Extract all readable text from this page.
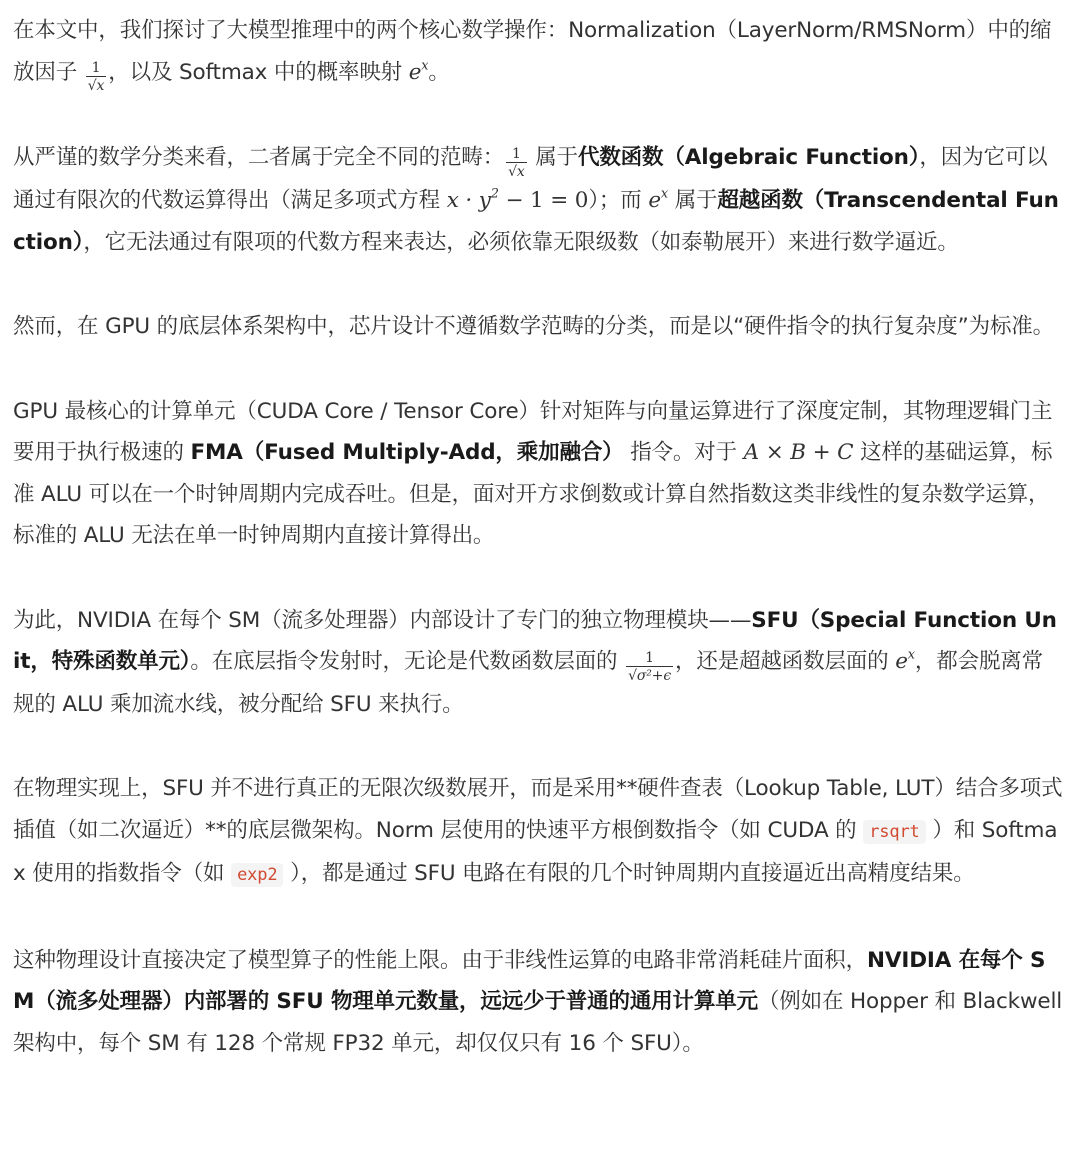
在本文中，我们探讨了大模型推理中的两个核心数学操作：Normalization（LayerNorm/RMSNorm）中的缩放因子 $\frac{1}{√x}$ ，以及 Softmax 中的概率映射 $e^x$。

从严谨的数学分类来看，二者属于完全不同的范畴： $\frac{1}{√x}$ 属于代数函数（Algebraic Function），因为它可以通过有限次的代数运算得出（满足多项式方程 $x \cdot y^2 - 1 = 0$）；而 $e^x$ 属于超越函数（Transcendental Function），它无法通过有限项的代数方程来表达，必须依靠无限级数（如泰勒展开）来进行数学逼近。

然而，在 GPU 的底层体系架构中，芯片设计不遵循数学范畴的分类，而是以“硬件指令的执行复杂度”为标准。

GPU 最核心的计算单元（CUDA Core / Tensor Core）针对矩阵与向量运算进行了深度定制，其物理逻辑门主要用于执行极速的 FMA（Fused Multiply-Add，乘加融合） 指令。对于 A × B + C 这样的基础运算，标准 ALU 可以在一个时钟周期内完成吞吐。但是，面对开方求倒数或计算自然指数这类非线性的复杂数学运算，标准的 ALU 无法在单一时钟周期内直接计算得出。

为此，NVIDIA 在每个 SM（流多处理器）内部设计了专门的独立物理模块——SFU（Special Function Unit，特殊函数单元）。在底层指令发射时，无论是代数函数层面的 $\frac{1}{\text{√σ²+ϵ}}$ ，还是超越函数层面的 $e^x$，都会脱离常规的 ALU 乘加流水线，被分配给 SFU 来执行。

在物理实现上，SFU 并不进行真正的无限次级数展开，而是采用**硬件查表（Lookup Table, LUT）结合多项式插值（如二次逼近）**的底层微架构。Norm 层使用的快速平方根倒数指令（如 CUDA 的 rsqrt ）和 Softmax 使用的指数指令（如 exp2 ），都是通过 SFU 电路在有限的几个时钟周期内直接逼近出高精度结果。

这种物理设计直接决定了模型算子的性能上限。由于非线性运算的电路非常消耗硅片面积，NVIDIA 在每个 SM（流多处理器）内部署的 SFU 物理单元数量，远远少于普通的通用计算单元（例如在 Hopper 和 Blackwell 架构中，每个 SM 有 128 个常规 FP32 单元，却仅仅只有 16 个 SFU）。
